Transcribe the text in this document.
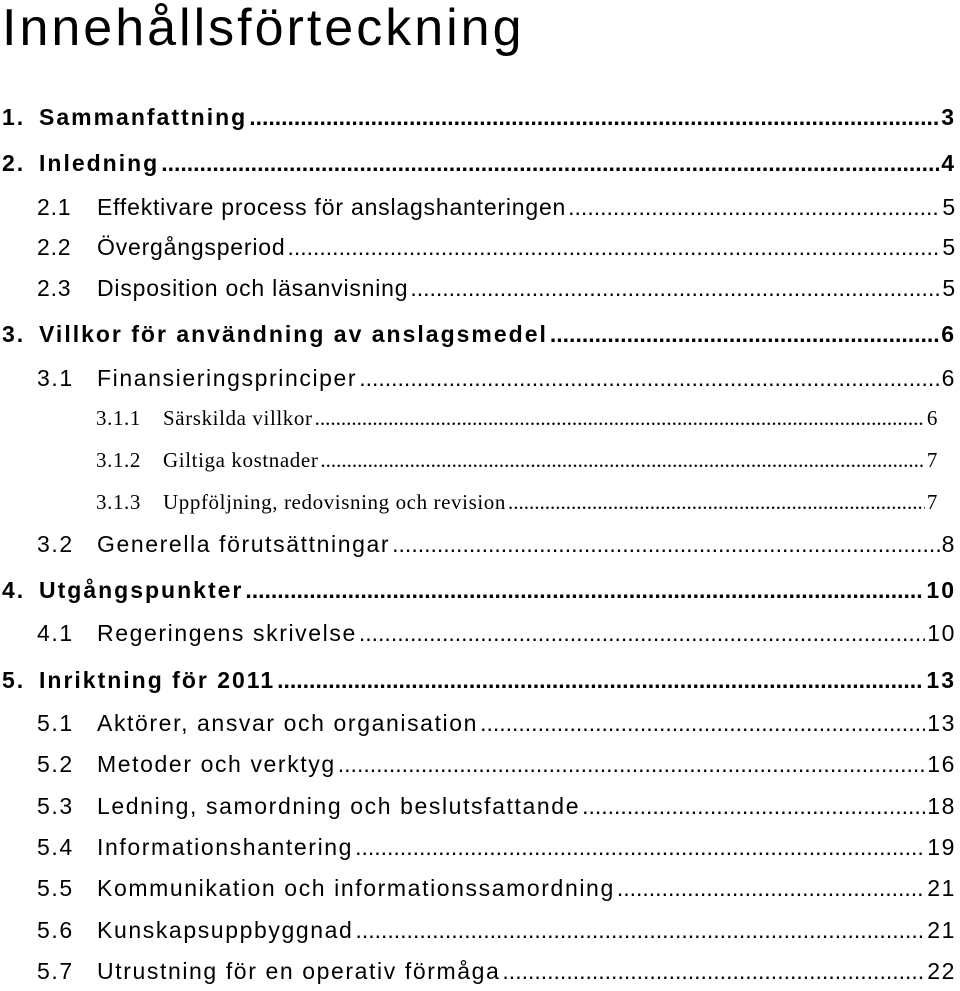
Innehållsförteckning
1. Sammanfattning .....	3
2. Inledning .....	4
2.1	Effektivare process för anslagshanteringen .....	5
2.2	Övergångsperiod .....	5
2.3	Disposition och läsanvisning .....	5
3. Villkor för användning av anslagsmedel .....	6
3.1	Finansieringsprinciper .....	6
3.1.1	Särskilda villkor .....	6
3.1.2	Giltiga kostnader .....	7
3.1.3	Uppföljning, redovisning och revision .....	7
3.2	Generella förutsättningar .....	8
4. Utgångspunkter .....	10
4.1	Regeringens skrivelse .....	10
5. Inriktning för 2011 .....	13
5.1	Aktörer, ansvar och organisation .....	13
5.2	Metoder och verktyg .....	16
5.3	Ledning, samordning och beslutsfattande .....	18
5.4	Informationshantering .....	19
5.5	Kommunikation och informationssamordning .....	21
5.6	Kunskapsuppbyggnad .....	21
5.7	Utrustning för en operativ förmåga .....	22
